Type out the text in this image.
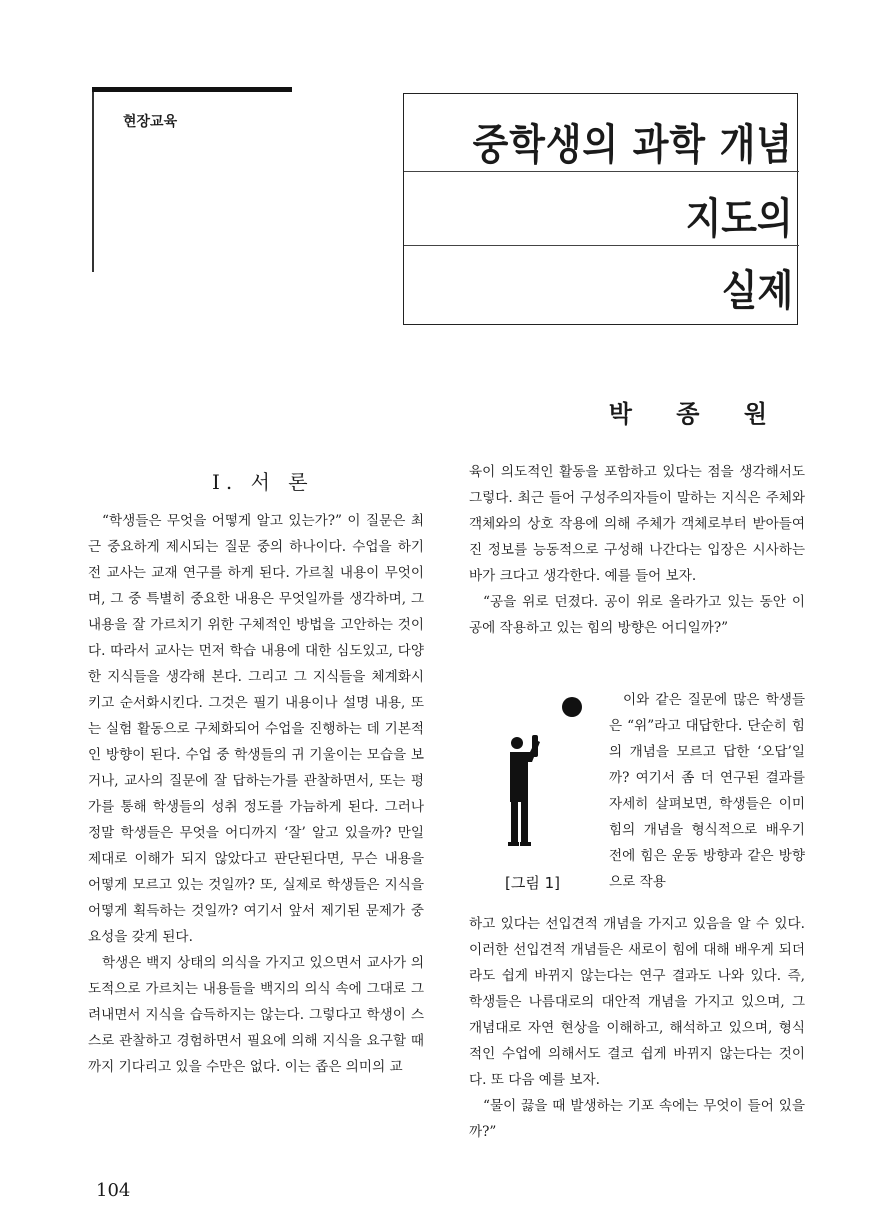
현장교육	중학생의 과학 개념
지도의
실제
박 종 원
Ⅰ. 서 론

“학생들은 무엇을 어떻게 알고 있는가?” 이 질문은 최근 중요하게 제시되는 질문 중의 하나이다. 수업을 하기 전 교사는 교재 연구를 하게 된다. 가르칠 내용이 무엇이며, 그 중 특별히 중요한 내용은 무엇일까를 생각하며, 그 내용을 잘 가르치기 위한 구체적인 방법을 고안하는 것이다. 따라서 교사는 먼저 학습 내용에 대한 심도있고, 다양한 지식들을 생각해 본다. 그리고 그 지식들을 체계화시키고 순서화시킨다. 그것은 필기 내용이나 설명 내용, 또는 실험 활동으로 구체화되어 수업을 진행하는 데 기본적인 방향이 된다. 수업 중 학생들의 귀 기울이는 모습을 보거나, 교사의 질문에 잘 답하는가를 관찰하면서, 또는 평가를 통해 학생들의 성취 정도를 가늠하게 된다. 그러나 정말 학생들은 무엇을 어디까지 ‘잘’ 알고 있을까? 만일 제대로 이해가 되지 않았다고 판단된다면, 무슨 내용을 어떻게 모르고 있는 것일까? 또, 실제로 학생들은 지식을 어떻게 획득하는 것일까? 여기서 앞서 제기된 문제가 중요성을 갖게 된다.

학생은 백지 상태의 의식을 가지고 있으면서 교사가 의도적으로 가르치는 내용들을 백지의 의식 속에 그대로 그려내면서 지식을 습득하지는 않는다. 그렇다고 학생이 스스로 관찰하고 경험하면서 필요에 의해 지식을 요구할 때까지 기다리고 있을 수만은 없다. 이는 좁은 의미의 교

육이 의도적인 활동을 포함하고 있다는 점을 생각해서도 그렇다. 최근 들어 구성주의자들이 말하는 지식은 주체와 객체와의 상호 작용에 의해 주체가 객체로부터 받아들여진 정보를 능동적으로 구성해 나간다는 입장은 시사하는 바가 크다고 생각한다. 예를 들어 보자.

“공을 위로 던졌다. 공이 위로 올라가고 있는 동안 이 공에 작용하고 있는 힘의 방향은 어디일까?”

[그림 1]

이와 같은 질문에 많은 학생들은 “위”라고 대답한다. 단순히 힘의 개념을 모르고 답한 ‘오답’일까? 여기서 좀 더 연구된 결과를 자세히 살펴보면, 학생들은 이미 힘의 개념을 형식적으로 배우기 전에 힘은 운동 방향과 같은 방향으로 작용

하고 있다는 선입견적 개념을 가지고 있음을 알 수 있다. 이러한 선입견적 개념들은 새로이 힘에 대해 배우게 되더라도 쉽게 바뀌지 않는다는 연구 결과도 나와 있다. 즉, 학생들은 나름대로의 대안적 개념을 가지고 있으며, 그 개념대로 자연 현상을 이해하고, 해석하고 있으며, 형식적인 수업에 의해서도 결코 쉽게 바뀌지 않는다는 것이다. 또 다음 예를 보자.

“물이 끓을 때 발생하는 기포 속에는 무엇이 들어 있을까?”

104
